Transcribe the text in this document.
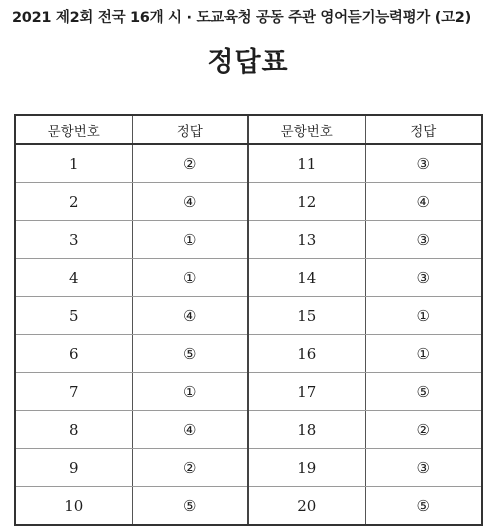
2021 제2회 전국 16개 시 · 도교육청 공동 주관 영어듣기능력평가 (고2)
정답표
문항번호	정답	문항번호	정답
1	②	11	③
2	④	12	④
3	①	13	③
4	①	14	③
5	④	15	①
6	⑤	16	①
7	①	17	⑤
8	④	18	②
9	②	19	③
10	⑤	20	⑤
